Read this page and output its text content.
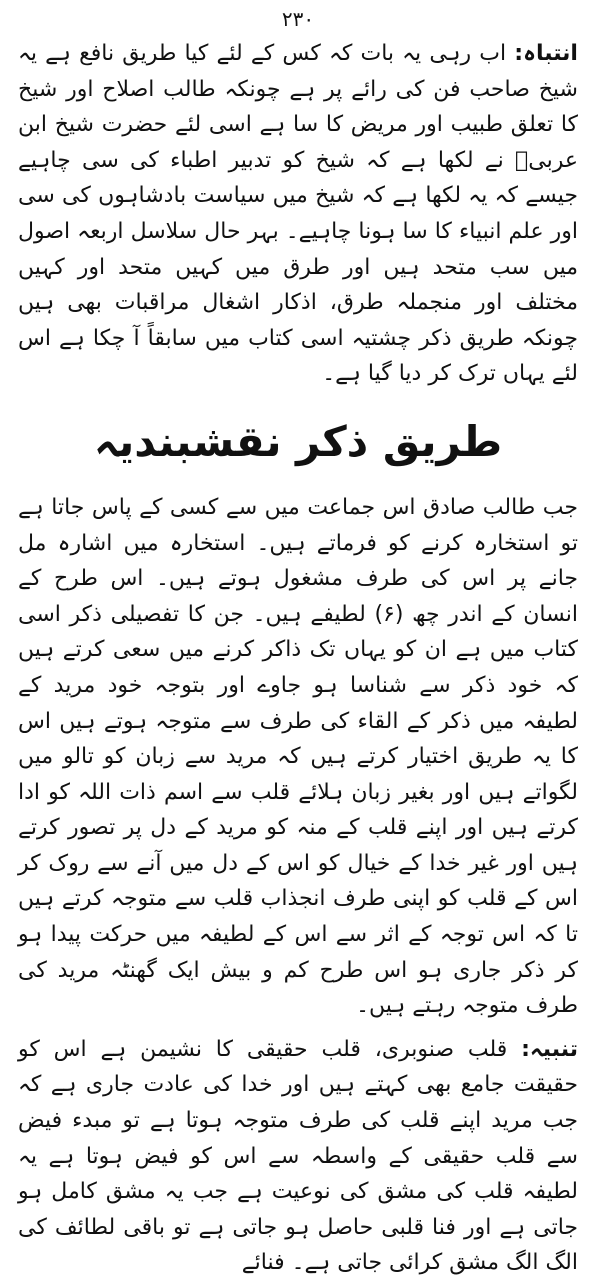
۲۳۰

انتباہ: اب رہی یہ بات کہ کس کے لئے کیا طریق نافع ہے یہ شیخ صاحب فن کی رائے پر ہے چونکہ طالب اصلاح اور شیخ کا تعلق طبیب اور مریض کا سا ہے اسی لئے حضرت شیخ ابن عربیؒ نے لکھا ہے کہ شیخ کو تدبیر اطباء کی سی چاہیے جیسے کہ یہ لکھا ہے کہ شیخ میں سیاست بادشاہوں کی سی اور علم انبیاء کا سا ہونا چاہیے۔ بہر حال سلاسل اربعہ اصول میں سب متحد ہیں اور طرق میں کہیں متحد اور کہیں مختلف اور منجملہ طرق، اذکار اشغال مراقبات بھی ہیں چونکہ طریق ذکر چشتیہ اسی کتاب میں سابقاً آ چکا ہے اس لئے یہاں ترک کر دیا گیا ہے۔

طریق ذکر نقشبندیہ

جب طالب صادق اس جماعت میں سے کسی کے پاس جاتا ہے تو استخارہ کرنے کو فرماتے ہیں۔ استخارہ میں اشارہ مل جانے پر اس کی طرف مشغول ہوتے ہیں۔ اس طرح کے انسان کے اندر چھ (۶) لطیفے ہیں۔ جن کا تفصیلی ذکر اسی کتاب میں ہے ان کو یہاں تک ذاکر کرنے میں سعی کرتے ہیں کہ خود ذکر سے شناسا ہو جاوے اور بتوجہ خود مرید کے لطیفہ میں ذکر کے القاء کی طرف سے متوجہ ہوتے ہیں اس کا یہ طریق اختیار کرتے ہیں کہ مرید سے زبان کو تالو میں لگواتے ہیں اور بغیر زبان ہلائے قلب سے اسم ذات اللہ کو ادا کرتے ہیں اور اپنے قلب کے منہ کو مرید کے دل پر تصور کرتے ہیں اور غیر خدا کے خیال کو اس کے دل میں آنے سے روک کر اس کے قلب کو اپنی طرف انجذاب قلب سے متوجہ کرتے ہیں تا کہ اس توجہ کے اثر سے اس کے لطیفہ میں حرکت پیدا ہو کر ذکر جاری ہو اس طرح کم و بیش ایک گھنٹہ مرید کی طرف متوجہ رہتے ہیں۔

تنبیہ: قلب صنوبری، قلب حقیقی کا نشیمن ہے اس کو حقیقت جامع بھی کہتے ہیں اور خدا کی عادت جاری ہے کہ جب مرید اپنے قلب کی طرف متوجہ ہوتا ہے تو مبدء فیض سے قلب حقیقی کے واسطہ سے اس کو فیض ہوتا ہے یہ لطیفہ قلب کی مشق کی نوعیت ہے جب یہ مشق کامل ہو جاتی ہے اور فنا قلبی حاصل ہو جاتی ہے تو باقی لطائف کی الگ الگ مشق کرائی جاتی ہے۔ فنائے
